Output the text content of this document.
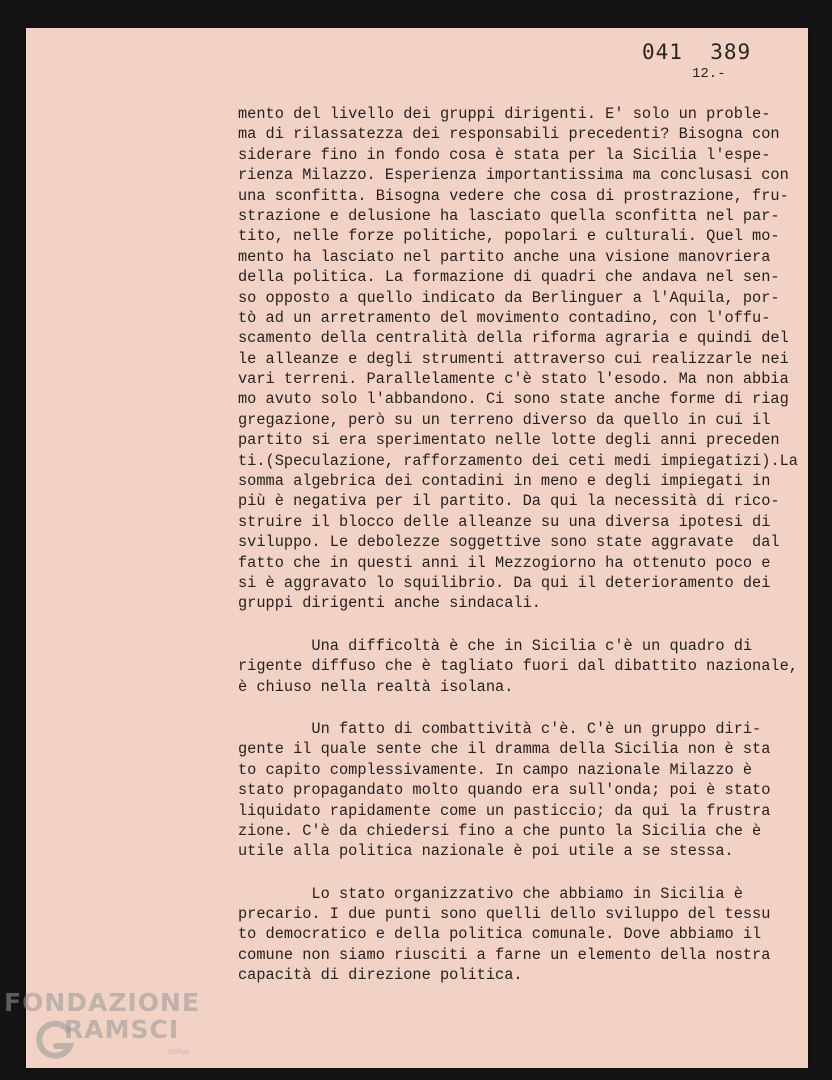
041  389
12.-
mento del livello dei gruppi dirigenti. E' solo un proble-
ma di rilassatezza dei responsabili precedenti? Bisogna con
siderare fino in fondo cosa è stata per la Sicilia l'espe-
rienza Milazzo. Esperienza importantissima ma conclusasi con
una sconfitta. Bisogna vedere che cosa di prostrazione, fru-
strazione e delusione ha lasciato quella sconfitta nel par-
tito, nelle forze politiche, popolari e culturali. Quel mo-
mento ha lasciato nel partito anche una visione manovriera
della politica. La formazione di quadri che andava nel sen-
so opposto a quello indicato da Berlinguer a l'Aquila, por-
tò ad un arretramento del movimento contadino, con l'offu-
scamento della centralità della riforma agraria e quindi del
le alleanze e degli strumenti attraverso cui realizzarle nei
vari terreni. Parallelamente c'è stato l'esodo. Ma non abbia
mo avuto solo l'abbandono. Ci sono state anche forme di riag
gregazione, però su un terreno diverso da quello in cui il
partito si era sperimentato nelle lotte degli anni preceden
ti.(Speculazione, rafforzamento dei ceti medi impiegatizi).La
somma algebrica dei contadini in meno e degli impiegati in
più è negativa per il partito. Da qui la necessità di rico-
struire il blocco delle alleanze su una diversa ipotesi di
sviluppo. Le debolezze soggettive sono state aggravate  dal
fatto che in questi anni il Mezzogiorno ha ottenuto poco e
si è aggravato lo squilibrio. Da qui il deterioramento dei
gruppi dirigenti anche sindacali.
Una difficoltà è che in Sicilia c'è un quadro di
rigente diffuso che è tagliato fuori dal dibattito nazionale,
è chiuso nella realtà isolana.
Un fatto di combattività c'è. C'è un gruppo diri-
gente il quale sente che il dramma della Sicilia non è sta
to capito complessivamente. In campo nazionale Milazzo è
stato propagandato molto quando era sull'onda; poi è stato
liquidato rapidamente come un pasticcio; da qui la frustra
zione. C'è da chiedersi fino a che punto la Sicilia che è
utile alla politica nazionale è poi utile a se stessa.
Lo stato organizzativo che abbiamo in Sicilia è
precario. I due punti sono quelli dello sviluppo del tessu
to democratico e della politica comunale. Dove abbiamo il
comune non siamo riusciti a farne un elemento della nostra
capacità di direzione politica.
FONDAZIONE
RAMSCI
onlus
